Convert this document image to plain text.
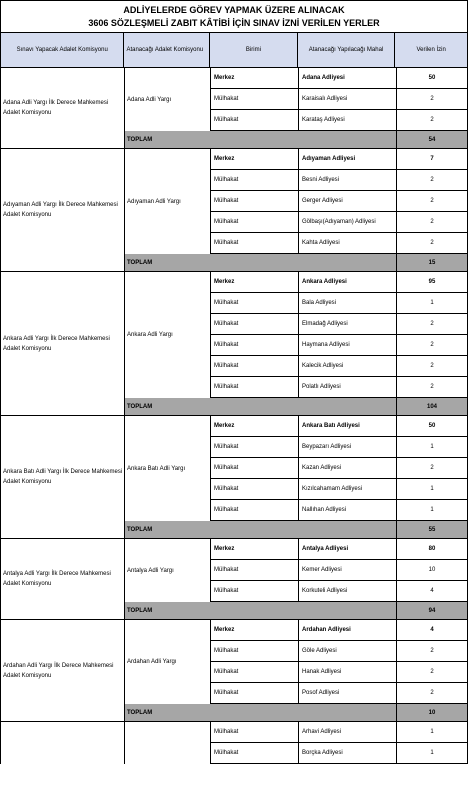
ADLİYELERDE GÖREV YAPMAK ÜZERE ALINACAK
3606 SÖZLEŞMELİ ZABIT KÂTİBİ İÇİN SINAV İZNİ VERİLEN YERLER
Sınavı Yapacak Adalet Komisyonu	Atanacağı Adalet Komisyonu	Birimi	Atanacağı Yapılacağı Mahal	Verilen İzin
Adana Adli Yargı İlk Derece Mahkemesi Adalet Komisyonu
Adana Adli Yargı
Merkez	Adana Adliyesi	50
Mülhakat	Karaisalı Adliyesi	2
Mülhakat	Karataş Adliyesi	2
TOPLAM	54
Adıyaman Adli Yargı İlk Derece Mahkemesi Adalet Komisyonu
Adıyaman Adli Yargı
Merkez	Adıyaman Adliyesi	7
Mülhakat	Besni Adliyesi	2
Mülhakat	Gerger Adliyesi	2
Mülhakat	Gölbaşı(Adıyaman) Adliyesi	2
Mülhakat	Kahta Adliyesi	2
TOPLAM	15
Ankara Adli Yargı İlk Derece Mahkemesi Adalet Komisyonu
Ankara Adli Yargı
Merkez	Ankara Adliyesi	95
Mülhakat	Bala Adliyesi	1
Mülhakat	Elmadağ Adliyesi	2
Mülhakat	Haymana Adliyesi	2
Mülhakat	Kalecik Adliyesi	2
Mülhakat	Polatlı Adliyesi	2
TOPLAM	104
Ankara Batı Adli Yargı İlk Derece Mahkemesi Adalet Komisyonu
Ankara Batı Adli Yargı
Merkez	Ankara Batı Adliyesi	50
Mülhakat	Beypazarı Adliyesi	1
Mülhakat	Kazan Adliyesi	2
Mülhakat	Kızılcahamam Adliyesi	1
Mülhakat	Nallıhan Adliyesi	1
TOPLAM	55
Antalya Adli Yargı İlk Derece Mahkemesi Adalet Komisyonu
Antalya Adli Yargı
Merkez	Antalya Adliyesi	80
Mülhakat	Kemer Adliyesi	10
Mülhakat	Korkuteli Adliyesi	4
TOPLAM	94
Ardahan Adli Yargı İlk Derece Mahkemesi Adalet Komisyonu
Ardahan Adli Yargı
Merkez	Ardahan Adliyesi	4
Mülhakat	Göle Adliyesi	2
Mülhakat	Hanak Adliyesi	2
Mülhakat	Posof Adliyesi	2
TOPLAM	10
Mülhakat	Arhavi Adliyesi	1
Mülhakat	Borçka Adliyesi	1
